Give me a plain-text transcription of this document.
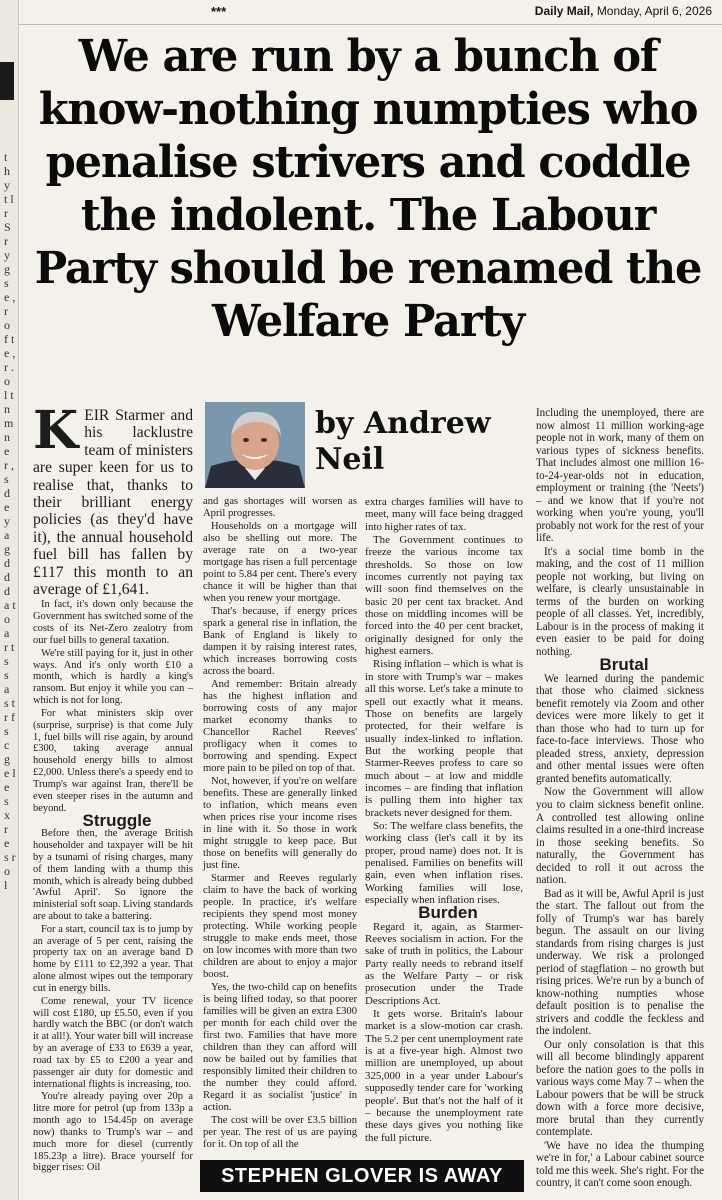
t h y t l r S r y g s e , r o f t e , r . o l t n m n e r , s d e y a g d d d a t o a r t s s a s t r f s c g e l e s x r e s r o l
***	Daily Mail, Monday, April 6, 2026
We are run by a bunch of know-nothing numpties who penalise strivers and coddle the indolent. The Labour Party should be renamed the Welfare Party
by Andrew Neil

KEIR Starmer and his lacklustre team of ministers are super keen for us to realise that, thanks to their brilliant energy policies (as they'd have it), the annual household fuel bill has fallen by £117 this month to an average of £1,641.

In fact, it's down only because the Government has switched some of the costs of its Net-Zero zealotry from our fuel bills to general taxation.

We're still paying for it, just in other ways. And it's only worth £10 a month, which is hardly a king's ransom. But enjoy it while you can – which is not for long.

For what ministers skip over (surprise, surprise) is that come July 1, fuel bills will rise again, by around £300, taking average annual household energy bills to almost £2,000. Unless there's a speedy end to Trump's war against Iran, there'll be even steeper rises in the autumn and beyond.

Struggle

Before then, the average British householder and taxpayer will be hit by a tsunami of rising charges, many of them landing with a thump this month, which is already being dubbed 'Awful April'. So ignore the ministerial soft soap. Living standards are about to take a battering.

For a start, council tax is to jump by an average of 5 per cent, raising the property tax on an average band D home by £111 to £2,392 a year. That alone almost wipes out the temporary cut in energy bills.

Come renewal, your TV licence will cost £180, up £5.50, even if you hardly watch the BBC (or don't watch it at all!). Your water bill will increase by an average of £33 to £639 a year, road tax by £5 to £200 a year and passenger air duty for domestic and international flights is increasing, too.

You're already paying over 20p a litre more for petrol (up from 133p a month ago to 154.45p on average now) thanks to Trump's war – and much more for diesel (currently 185.23p a litre). Brace yourself for bigger rises: Oil

and gas shortages will worsen as April progresses.

Households on a mortgage will also be shelling out more. The average rate on a two-year mortgage has risen a full percentage point to 5.84 per cent. There's every chance it will be higher than that when you renew your mortgage.

That's because, if energy prices spark a general rise in inflation, the Bank of England is likely to dampen it by raising interest rates, which increases borrowing costs across the board.

And remember: Britain already has the highest inflation and borrowing costs of any major market economy thanks to Chancellor Rachel Reeves' profligacy when it comes to borrowing and spending. Expect more pain to be piled on top of that.

Not, however, if you're on welfare benefits. These are generally linked to inflation, which means even when prices rise your income rises in line with it. So those in work might struggle to keep pace. But those on benefits will generally do just fine.

Starmer and Reeves regularly claim to have the back of working people. In practice, it's welfare recipients they spend most money protecting. While working people struggle to make ends meet, those on low incomes with more than two children are about to enjoy a major boost.

Yes, the two-child cap on benefits is being lifted today, so that poorer families will be given an extra £300 per month for each child over the first two. Families that have more children than they can afford will now be bailed out by families that responsibly limited their children to the number they could afford. Regard it as socialist 'justice' in action.

The cost will be over £3.5 billion per year. The rest of us are paying for it. On top of all the

extra charges families will have to meet, many will face being dragged into higher rates of tax.

The Government continues to freeze the various income tax thresholds. So those on low incomes currently not paying tax will soon find themselves on the basic 20 per cent tax bracket. And those on middling incomes will be forced into the 40 per cent bracket, originally designed for only the highest earners.

Rising inflation – which is what is in store with Trump's war – makes all this worse. Let's take a minute to spell out exactly what it means. Those on benefits are largely protected, for their welfare is usually index-linked to inflation. But the working people that Starmer-Reeves profess to care so much about – at low and middle incomes – are finding that inflation is pulling them into higher tax brackets never designed for them.

So: The welfare class benefits, the working class (let's call it by its proper, proud name) does not. It is penalised. Families on benefits will gain, even when inflation rises. Working families will lose, especially when inflation rises.

Burden

Regard it, again, as Starmer-Reeves socialism in action. For the sake of truth in politics, the Labour Party really needs to rebrand itself as the Welfare Party – or risk prosecution under the Trade Descriptions Act.

It gets worse. Britain's labour market is a slow-motion car crash. The 5.2 per cent unemployment rate is at a five-year high. Almost two million are unemployed, up about 325,000 in a year under Labour's supposedly tender care for 'working people'. But that's not the half of it – because the unemployment rate these days gives you nothing like the full picture.

Including the unemployed, there are now almost 11 million working-age people not in work, many of them on various types of sickness benefits. That includes almost one million 16-to-24-year-olds not in education, employment or training (the 'Neets') – and we know that if you're not working when you're young, you'll probably not work for the rest of your life.

It's a social time bomb in the making, and the cost of 11 million people not working, but living on welfare, is clearly unsustainable in terms of the burden on working people of all classes. Yet, incredibly, Labour is in the process of making it even easier to be paid for doing nothing.

Brutal

We learned during the pandemic that those who claimed sickness benefit remotely via Zoom and other devices were more likely to get it than those who had to turn up for face-to-face interviews. Those who pleaded stress, anxiety, depression and other mental issues were often granted benefits automatically.

Now the Government will allow you to claim sickness benefit online. A controlled test allowing online claims resulted in a one-third increase in those seeking benefits. So naturally, the Government has decided to roll it out across the nation.

Bad as it will be, Awful April is just the start. The fallout out from the folly of Trump's war has barely begun. The assault on our living standards from rising charges is just underway. We risk a prolonged period of stagflation – no growth but rising prices. We're run by a bunch of know-nothing numpties whose default position is to penalise the strivers and coddle the feckless and the indolent.

Our only consolation is that this will all become blindingly apparent before the nation goes to the polls in various ways come May 7 – when the Labour powers that be will be struck down with a force more decisive, more brutal than they currently contemplate.

'We have no idea the thumping we're in for,' a Labour cabinet source told me this week. She's right. For the country, it can't come soon enough.

STEPHEN GLOVER IS AWAY
